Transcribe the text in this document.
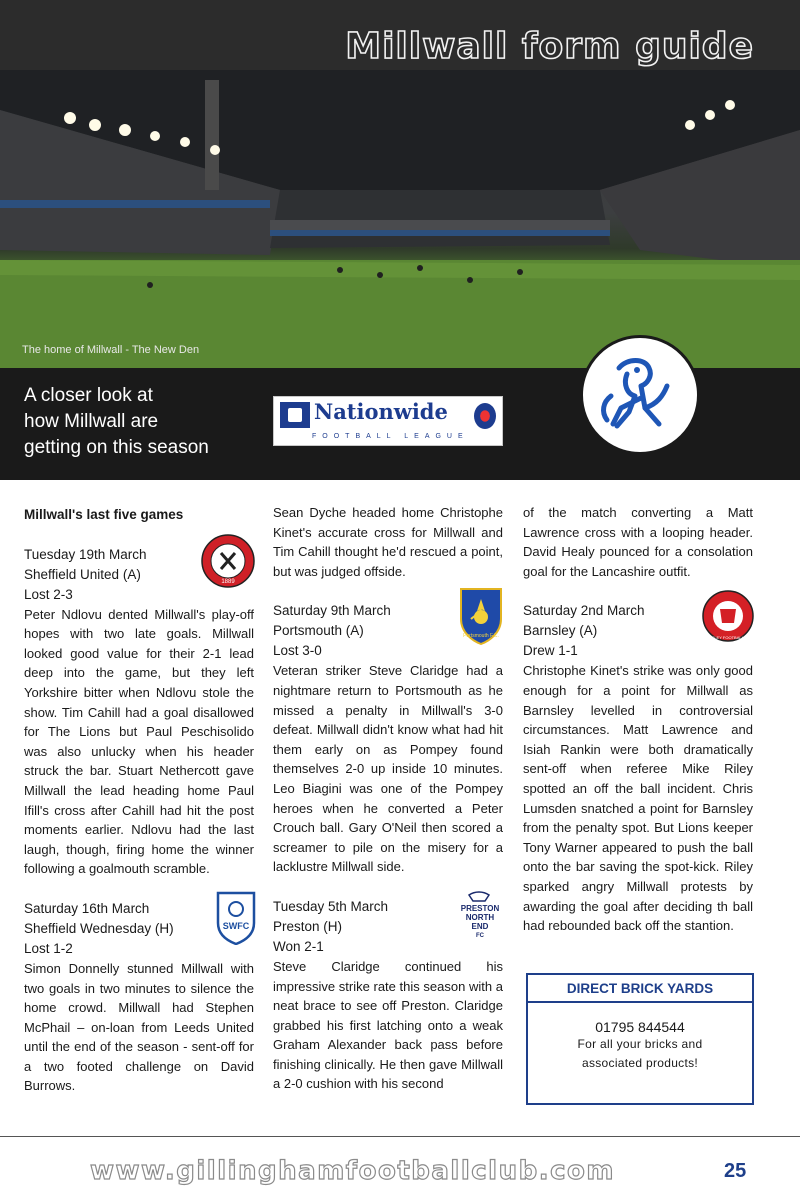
The home of Millwall - The New Den
Millwall form guide
A closer look at
how Millwall are
getting on this season
Nationwide
FOOTBALL LEAGUE
Millwall's last five games
1889
Tuesday 19th March
Sheffield United (A)
Lost 2-3

Peter Ndlovu dented Millwall's play-off hopes with two late goals. Millwall looked good value for their 2-1 lead deep into the game, but they left Yorkshire bitter when Ndlovu stole the show. Tim Cahill had a goal disallowed for The Lions but Paul Peschisolido was also unlucky when his header struck the bar. Stuart Nethercott gave Millwall the lead heading home Paul Ifill's cross after Cahill had hit the post moments earlier. Ndlovu had the last laugh, though, firing home the winner following a goalmouth scramble.

SWFC
Saturday 16th March
Sheffield Wednesday (H)
Lost 1-2

Simon Donnelly stunned Millwall with two goals in two minutes to silence the home crowd. Millwall had Stephen McPhail – on-loan from Leeds United until the end of the season - sent-off for a two footed challenge on David Burrows.

Sean Dyche headed home Christophe Kinet's accurate cross for Millwall and Tim Cahill thought he'd rescued a point, but was judged offside.

Portsmouth F.C.
Saturday 9th March
Portsmouth (A)
Lost 3-0

Veteran striker Steve Claridge had a nightmare return to Portsmouth as he missed a penalty in Millwall's 3-0 defeat. Millwall didn't know what had hit them early on as Pompey found themselves 2-0 up inside 10 minutes. Leo Biagini was one of the Pompey heroes when he converted a Peter Crouch ball. Gary O'Neil then scored a screamer to pile on the misery for a lacklustre Millwall side.

PRESTON
NORTH
END
FC
Tuesday 5th March
Preston (H)
Won 2-1

Steve Claridge continued his impressive strike rate this season with a neat brace to see off Preston. Claridge grabbed his first latching onto a weak Graham Alexander back pass before finishing clinically. He then gave Millwall a 2-0 cushion with his second

of the match converting a Matt Lawrence cross with a looping header. David Healy pounced for a consolation goal for the Lancashire outfit.

BARNSLEY FOOTBALL CLUB
Saturday 2nd March
Barnsley (A)
Drew 1-1

Christophe Kinet's strike was only good enough for a point for Millwall as Barnsley levelled in controversial circumstances. Matt Lawrence and Isiah Rankin were both dramatically sent-off when referee Mike Riley spotted an off the ball incident. Chris Lumsden snatched a point for Barnsley from the penalty spot. But Lions keeper Tony Warner appeared to push the ball onto the bar saving the spot-kick. Riley sparked angry Millwall protests by awarding the goal after deciding th ball had rebounded back off the stantion.

DIRECT BRICK YARDS
01795 844544
For all your bricks and
associated products!
www.gillinghamfootballclub.com	25
